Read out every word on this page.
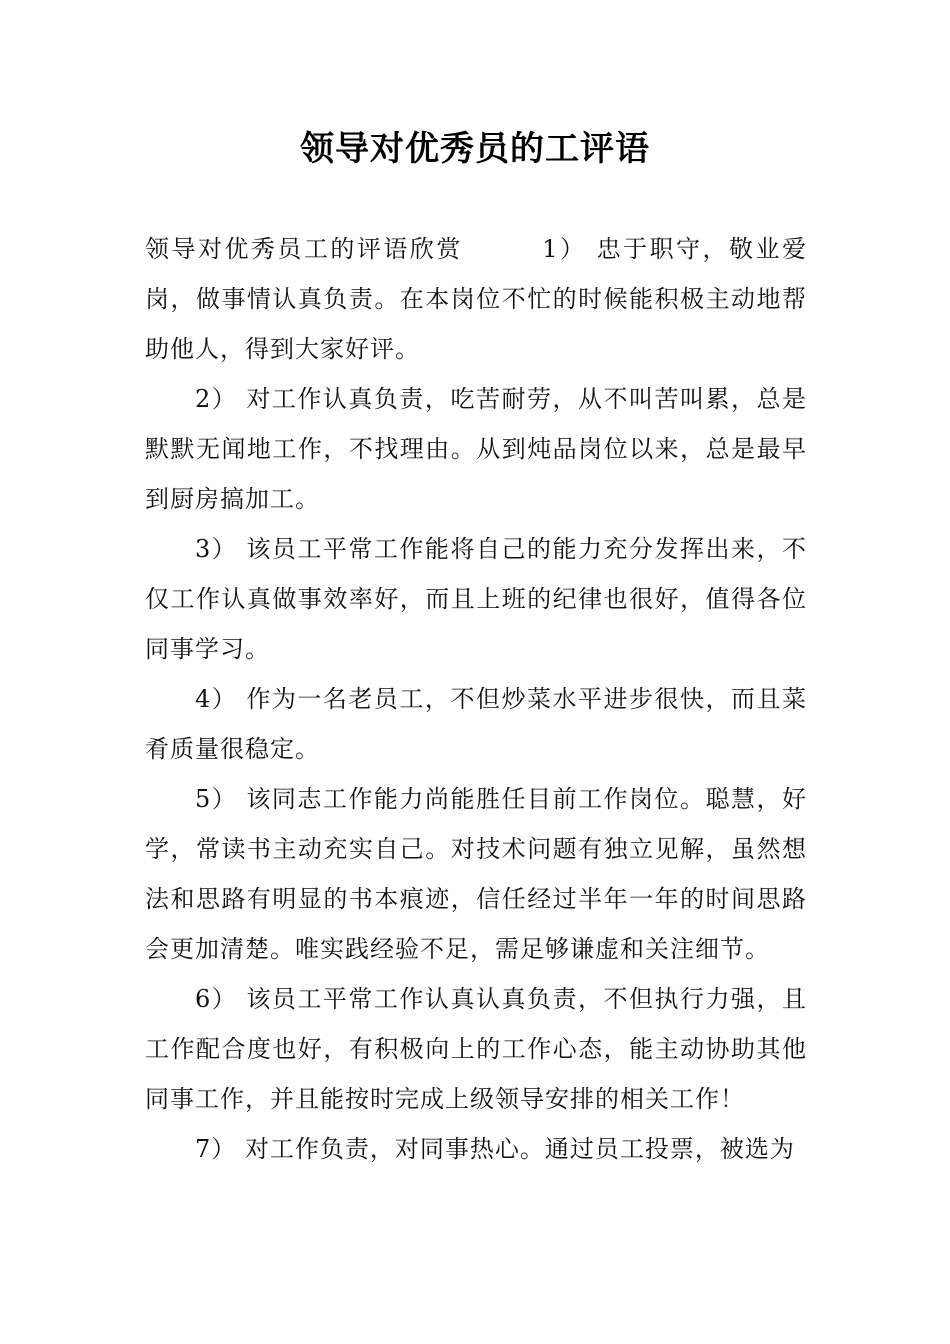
领导对优秀员的工评语

领导对优秀员工的评语欣赏　　　1） 忠于职守，敬业爱岗，做事情认真负责。在本岗位不忙的时候能积极主动地帮助他人，得到大家好评。

2） 对工作认真负责，吃苦耐劳，从不叫苦叫累，总是默默无闻地工作，不找理由。从到炖品岗位以来，总是最早到厨房搞加工。

3） 该员工平常工作能将自己的能力充分发挥出来，不仅工作认真做事效率好，而且上班的纪律也很好，值得各位同事学习。

4） 作为一名老员工，不但炒菜水平进步很快，而且菜肴质量很稳定。

5） 该同志工作能力尚能胜任目前工作岗位。聪慧，好学，常读书主动充实自己。对技术问题有独立见解，虽然想法和思路有明显的书本痕迹，信任经过半年一年的时间思路会更加清楚。唯实践经验不足，需足够谦虚和关注细节。

6） 该员工平常工作认真认真负责，不但执行力强，且工作配合度也好，有积极向上的工作心态，能主动协助其他同事工作，并且能按时完成上级领导安排的相关工作！

7） 对工作负责，对同事热心。通过员工投票，被选为
